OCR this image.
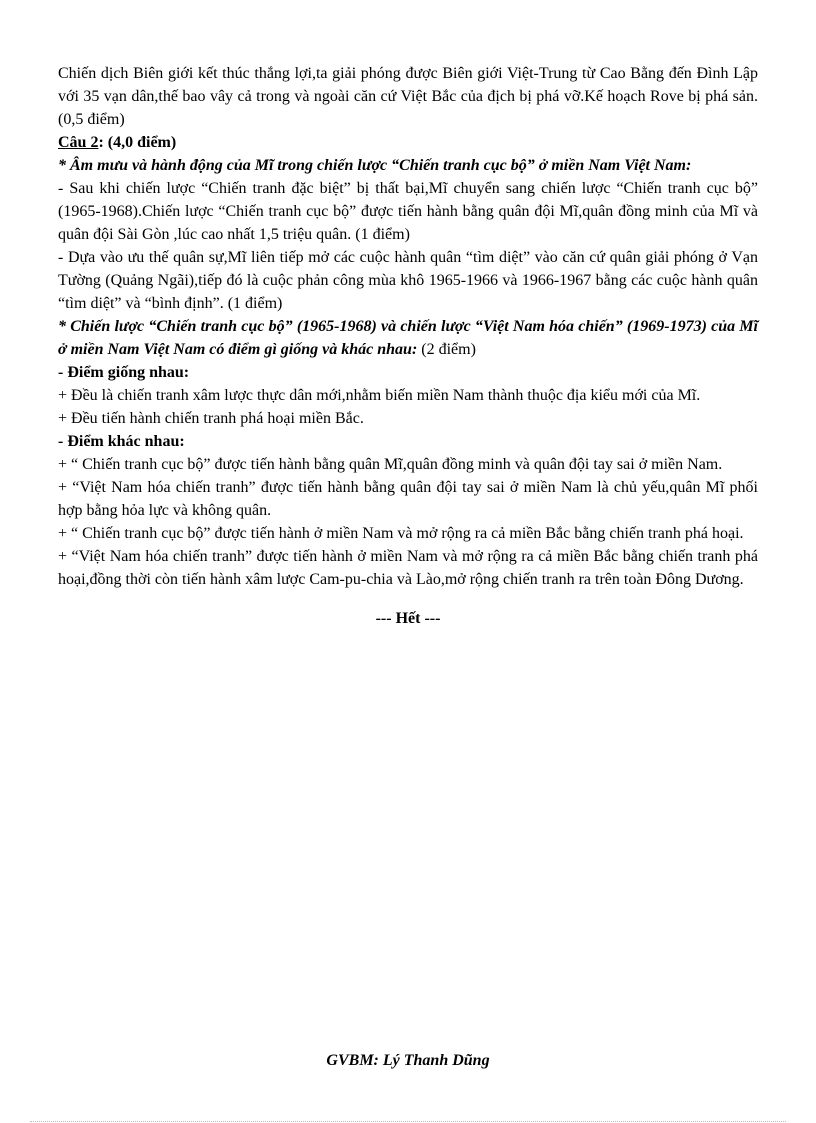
Chiến dịch Biên giới kết thúc thắng lợi,ta giải phóng được Biên giới Việt-Trung từ Cao Bằng đến Đình Lập với 35 vạn dân,thế bao vây cả trong và ngoài căn cứ Việt Bắc của địch bị phá vỡ.Kế hoạch Rove bị phá sản. (0,5 điểm)

Câu 2: (4,0 điểm)

* Âm mưu và hành động của Mĩ trong chiến lược “Chiến tranh cục bộ” ở miền Nam Việt Nam:

- Sau khi chiến lược “Chiến tranh đặc biệt” bị thất bại,Mĩ chuyển sang chiến lược “Chiến tranh cục bộ” (1965-1968).Chiến lược “Chiến tranh cục bộ” được tiến hành bằng quân đội Mĩ,quân đồng minh của Mĩ và quân đội Sài Gòn ,lúc cao nhất 1,5 triệu quân. (1 điểm)

- Dựa vào ưu thế quân sự,Mĩ liên tiếp mở các cuộc hành quân “tìm diệt” vào căn cứ quân giải phóng ở Vạn Tường (Quảng Ngãi),tiếp đó là cuộc phản công mùa khô 1965-1966 và 1966-1967 bằng các cuộc hành quân “tìm diệt” và “bình định”. (1 điểm)

* Chiến lược “Chiến tranh cục bộ” (1965-1968) và chiến lược “Việt Nam hóa chiến” (1969-1973) của Mĩ ở miền Nam Việt Nam có điểm gì giống và khác nhau: (2 điểm)

- Điểm giống nhau:

+ Đều là chiến tranh xâm lược thực dân mới,nhằm biến miền Nam thành thuộc địa kiểu mới của Mĩ.

+ Đều tiến hành chiến tranh phá hoại miền Bắc.

- Điểm khác nhau:

+ “ Chiến tranh cục bộ” được tiến hành bằng quân Mĩ,quân đồng minh và quân đội tay sai ở miền Nam.

+ “Việt Nam hóa chiến tranh” được tiến hành bằng quân đội tay sai ở miền Nam là chủ yếu,quân Mĩ phối hợp bằng hỏa lực và không quân.

+ “ Chiến tranh cục bộ” được tiến hành ở miền Nam và mở rộng ra cả miền Bắc bằng chiến tranh phá hoại.

+ “Việt Nam hóa chiến tranh” được tiến hành ở miền Nam và mở rộng ra cả miền Bắc bằng chiến tranh phá hoại,đồng thời còn tiến hành xâm lược Cam-pu-chia và Lào,mở rộng chiến tranh ra trên toàn Đông Dương.

--- Hết ---

GVBM: Lý Thanh Dũng
